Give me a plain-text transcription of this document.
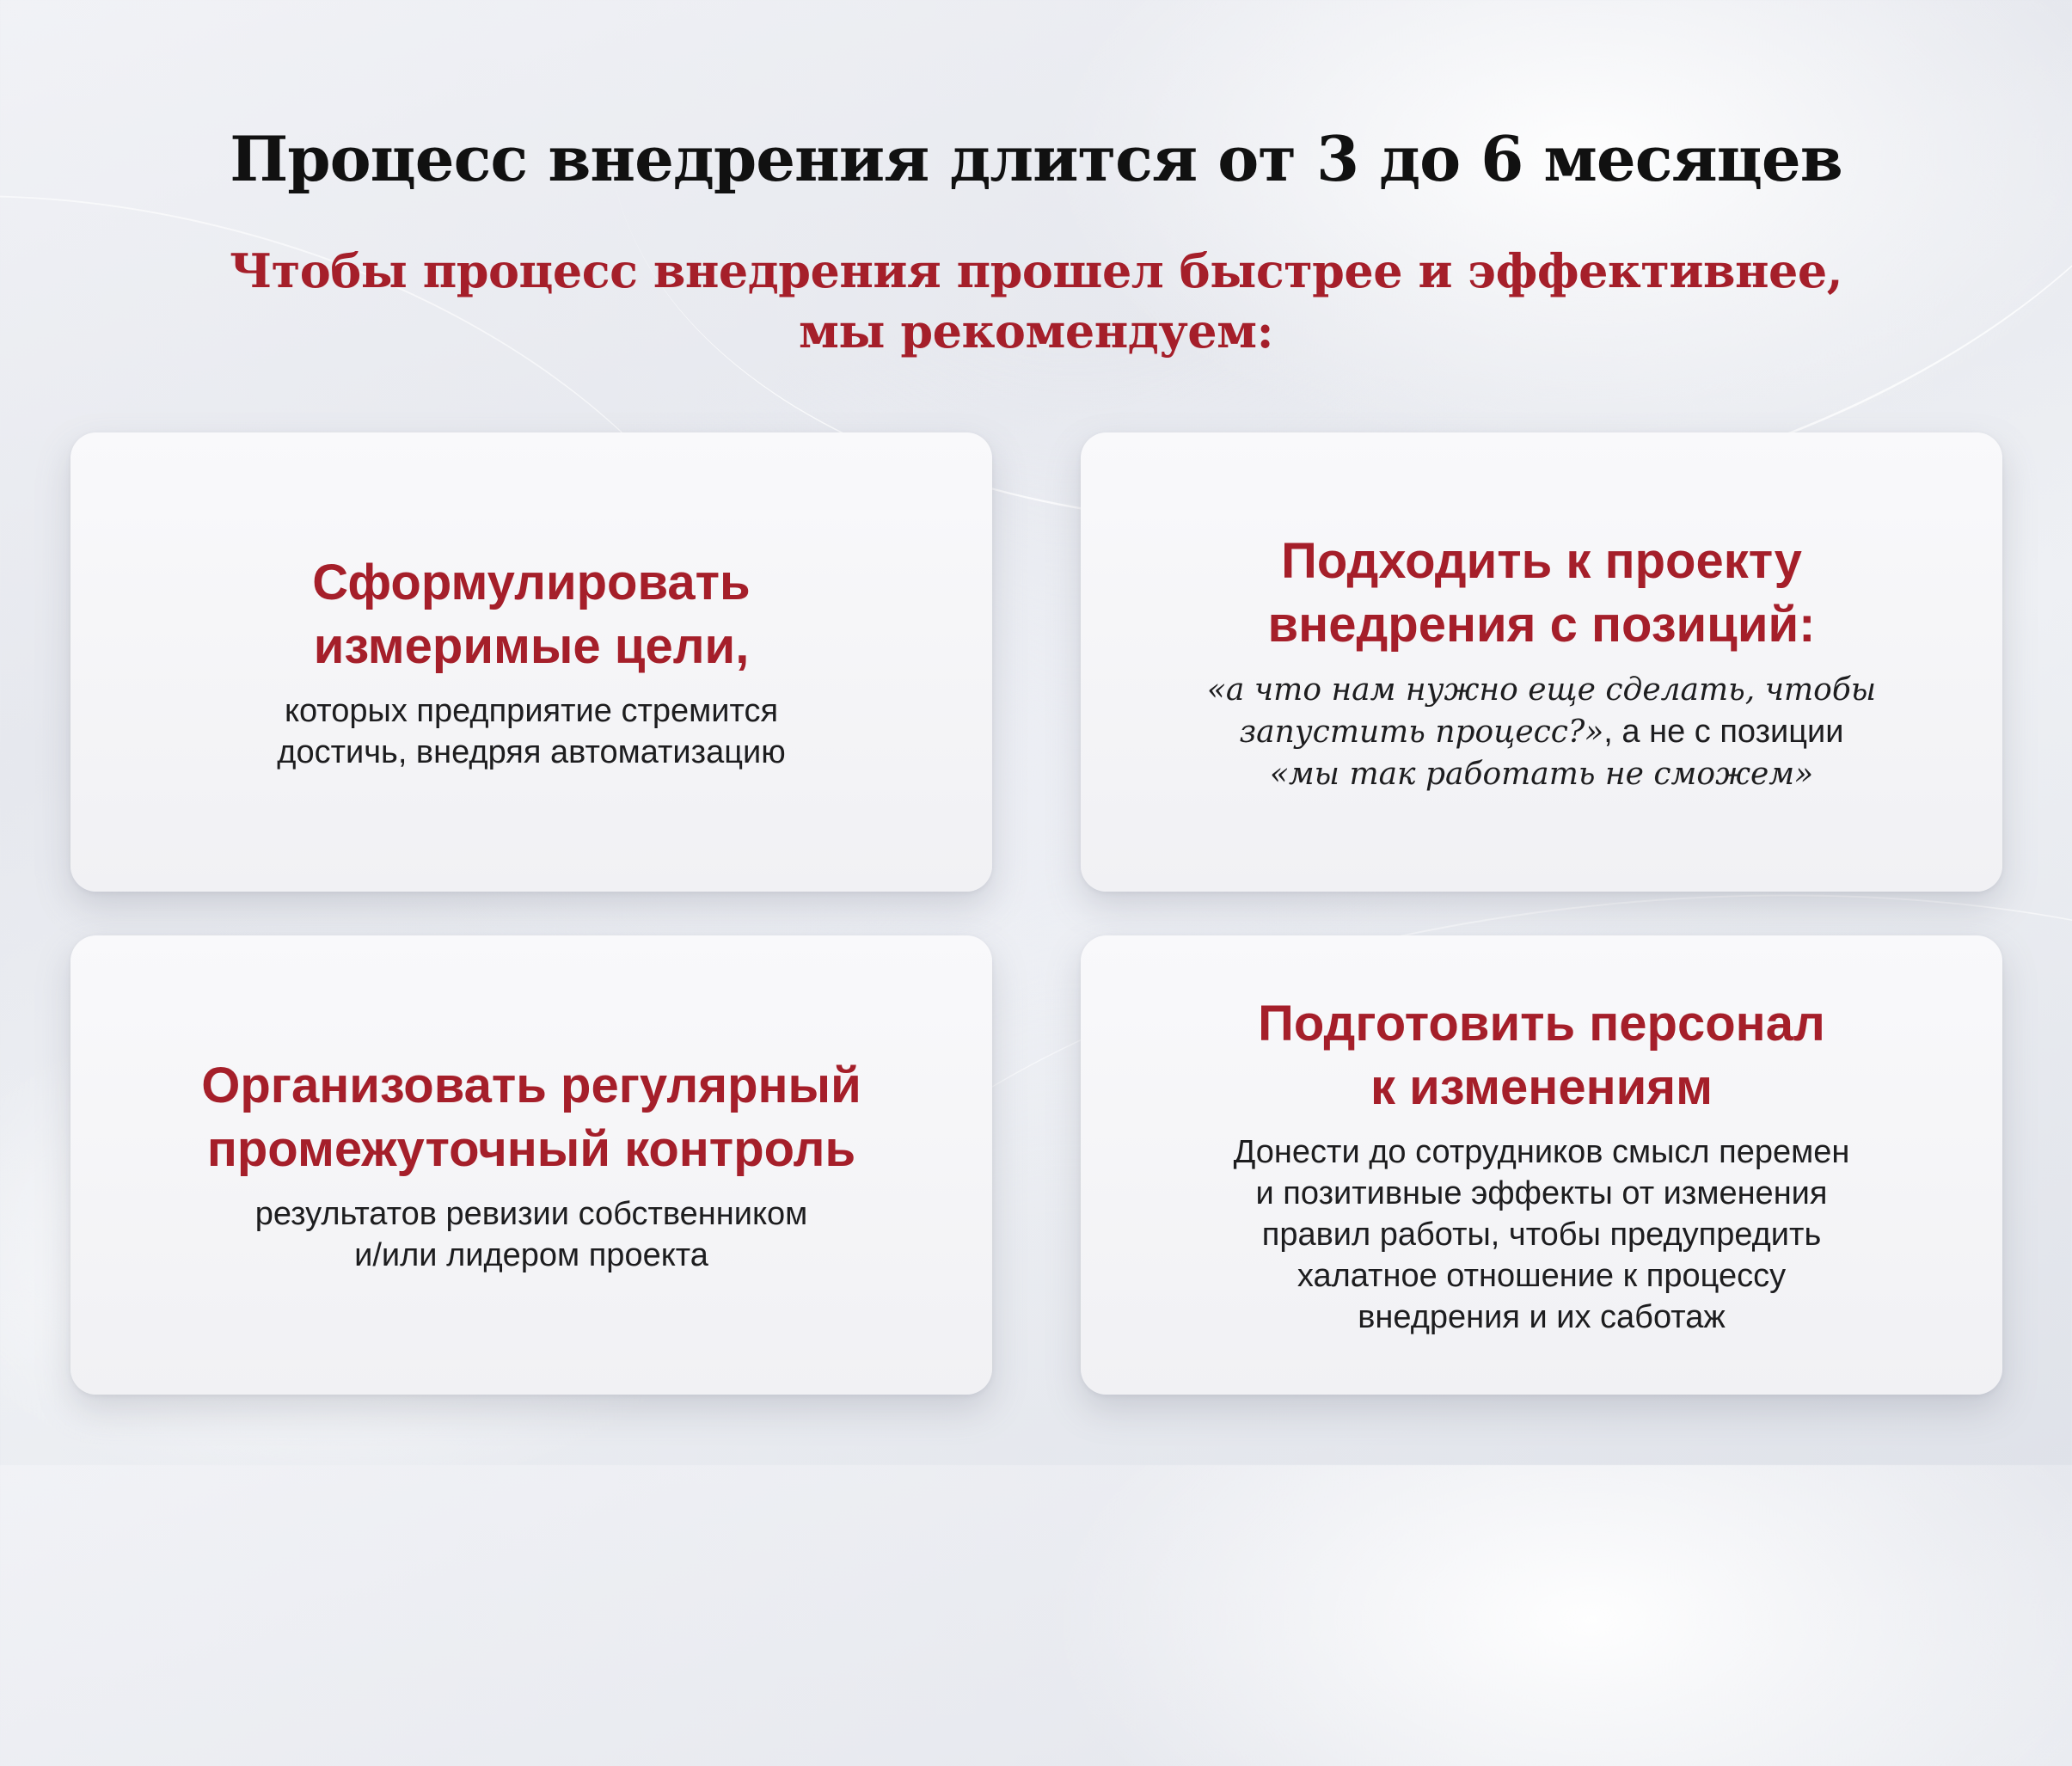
Процесс внедрения длится от 3 до 6 месяцев
Чтобы процесс внедрения прошел быстрее и эффективнее,
мы рекомендуем:
Сформулировать
измеримые цели,
которых предприятие стремится
достичь, внедряя автоматизацию
Подходить к проекту
внедрения с позиций:
«а что нам нужно еще сделать, чтобы
запустить процесс?», а не с позиции
«мы так работать не сможем»
Организовать регулярный
промежуточный контроль
результатов ревизии собственником
и/или лидером проекта
Подготовить персонал
к изменениям
Донести до сотрудников смысл перемен
и позитивные эффекты от изменения
правил работы, чтобы предупредить
халатное отношение к процессу
внедрения и их саботаж
